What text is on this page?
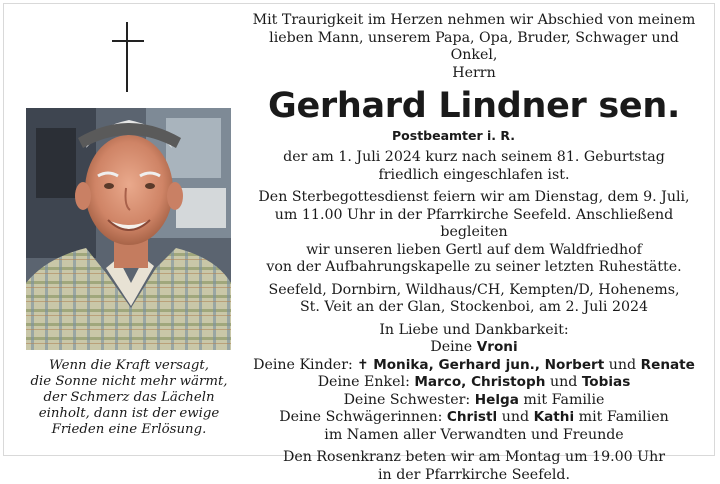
Wenn die Kraft versagt,
die Sonne nicht mehr wärmt,
der Schmerz das Lächeln
einholt, dann ist der ewige
Frieden eine Erlösung.
Mit Traurigkeit im Herzen nehmen wir Abschied von meinem
lieben Mann, unserem Papa, Opa, Bruder, Schwager und Onkel,
Herrn

Gerhard Lindner sen.

Postbeamter i. R.

der am 1. Juli 2024 kurz nach seinem 81. Geburtstag
friedlich eingeschlafen ist.
Den Sterbegottesdienst feiern wir am Dienstag, dem 9. Juli,
um 11.00 Uhr in der Pfarrkirche Seefeld. Anschließend begleiten
wir unseren lieben Gertl auf dem Waldfriedhof
von der Aufbahrungskapelle zu seiner letzten Ruhestätte.
Seefeld, Dornbirn, Wildhaus/CH, Kempten/D, Hohenems,
St. Veit an der Glan, Stockenboi, am 2. Juli 2024
In Liebe und Dankbarkeit:
Deine Vroni
Deine Kinder: ✝ Monika, Gerhard jun., Norbert und Renate
Deine Enkel: Marco, Christoph und Tobias
Deine Schwester: Helga mit Familie
Deine Schwägerinnen: Christl und Kathi mit Familien
im Namen aller Verwandten und Freunde
Den Rosenkranz beten wir am Montag um 19.00 Uhr
in der Pfarrkirche Seefeld.
